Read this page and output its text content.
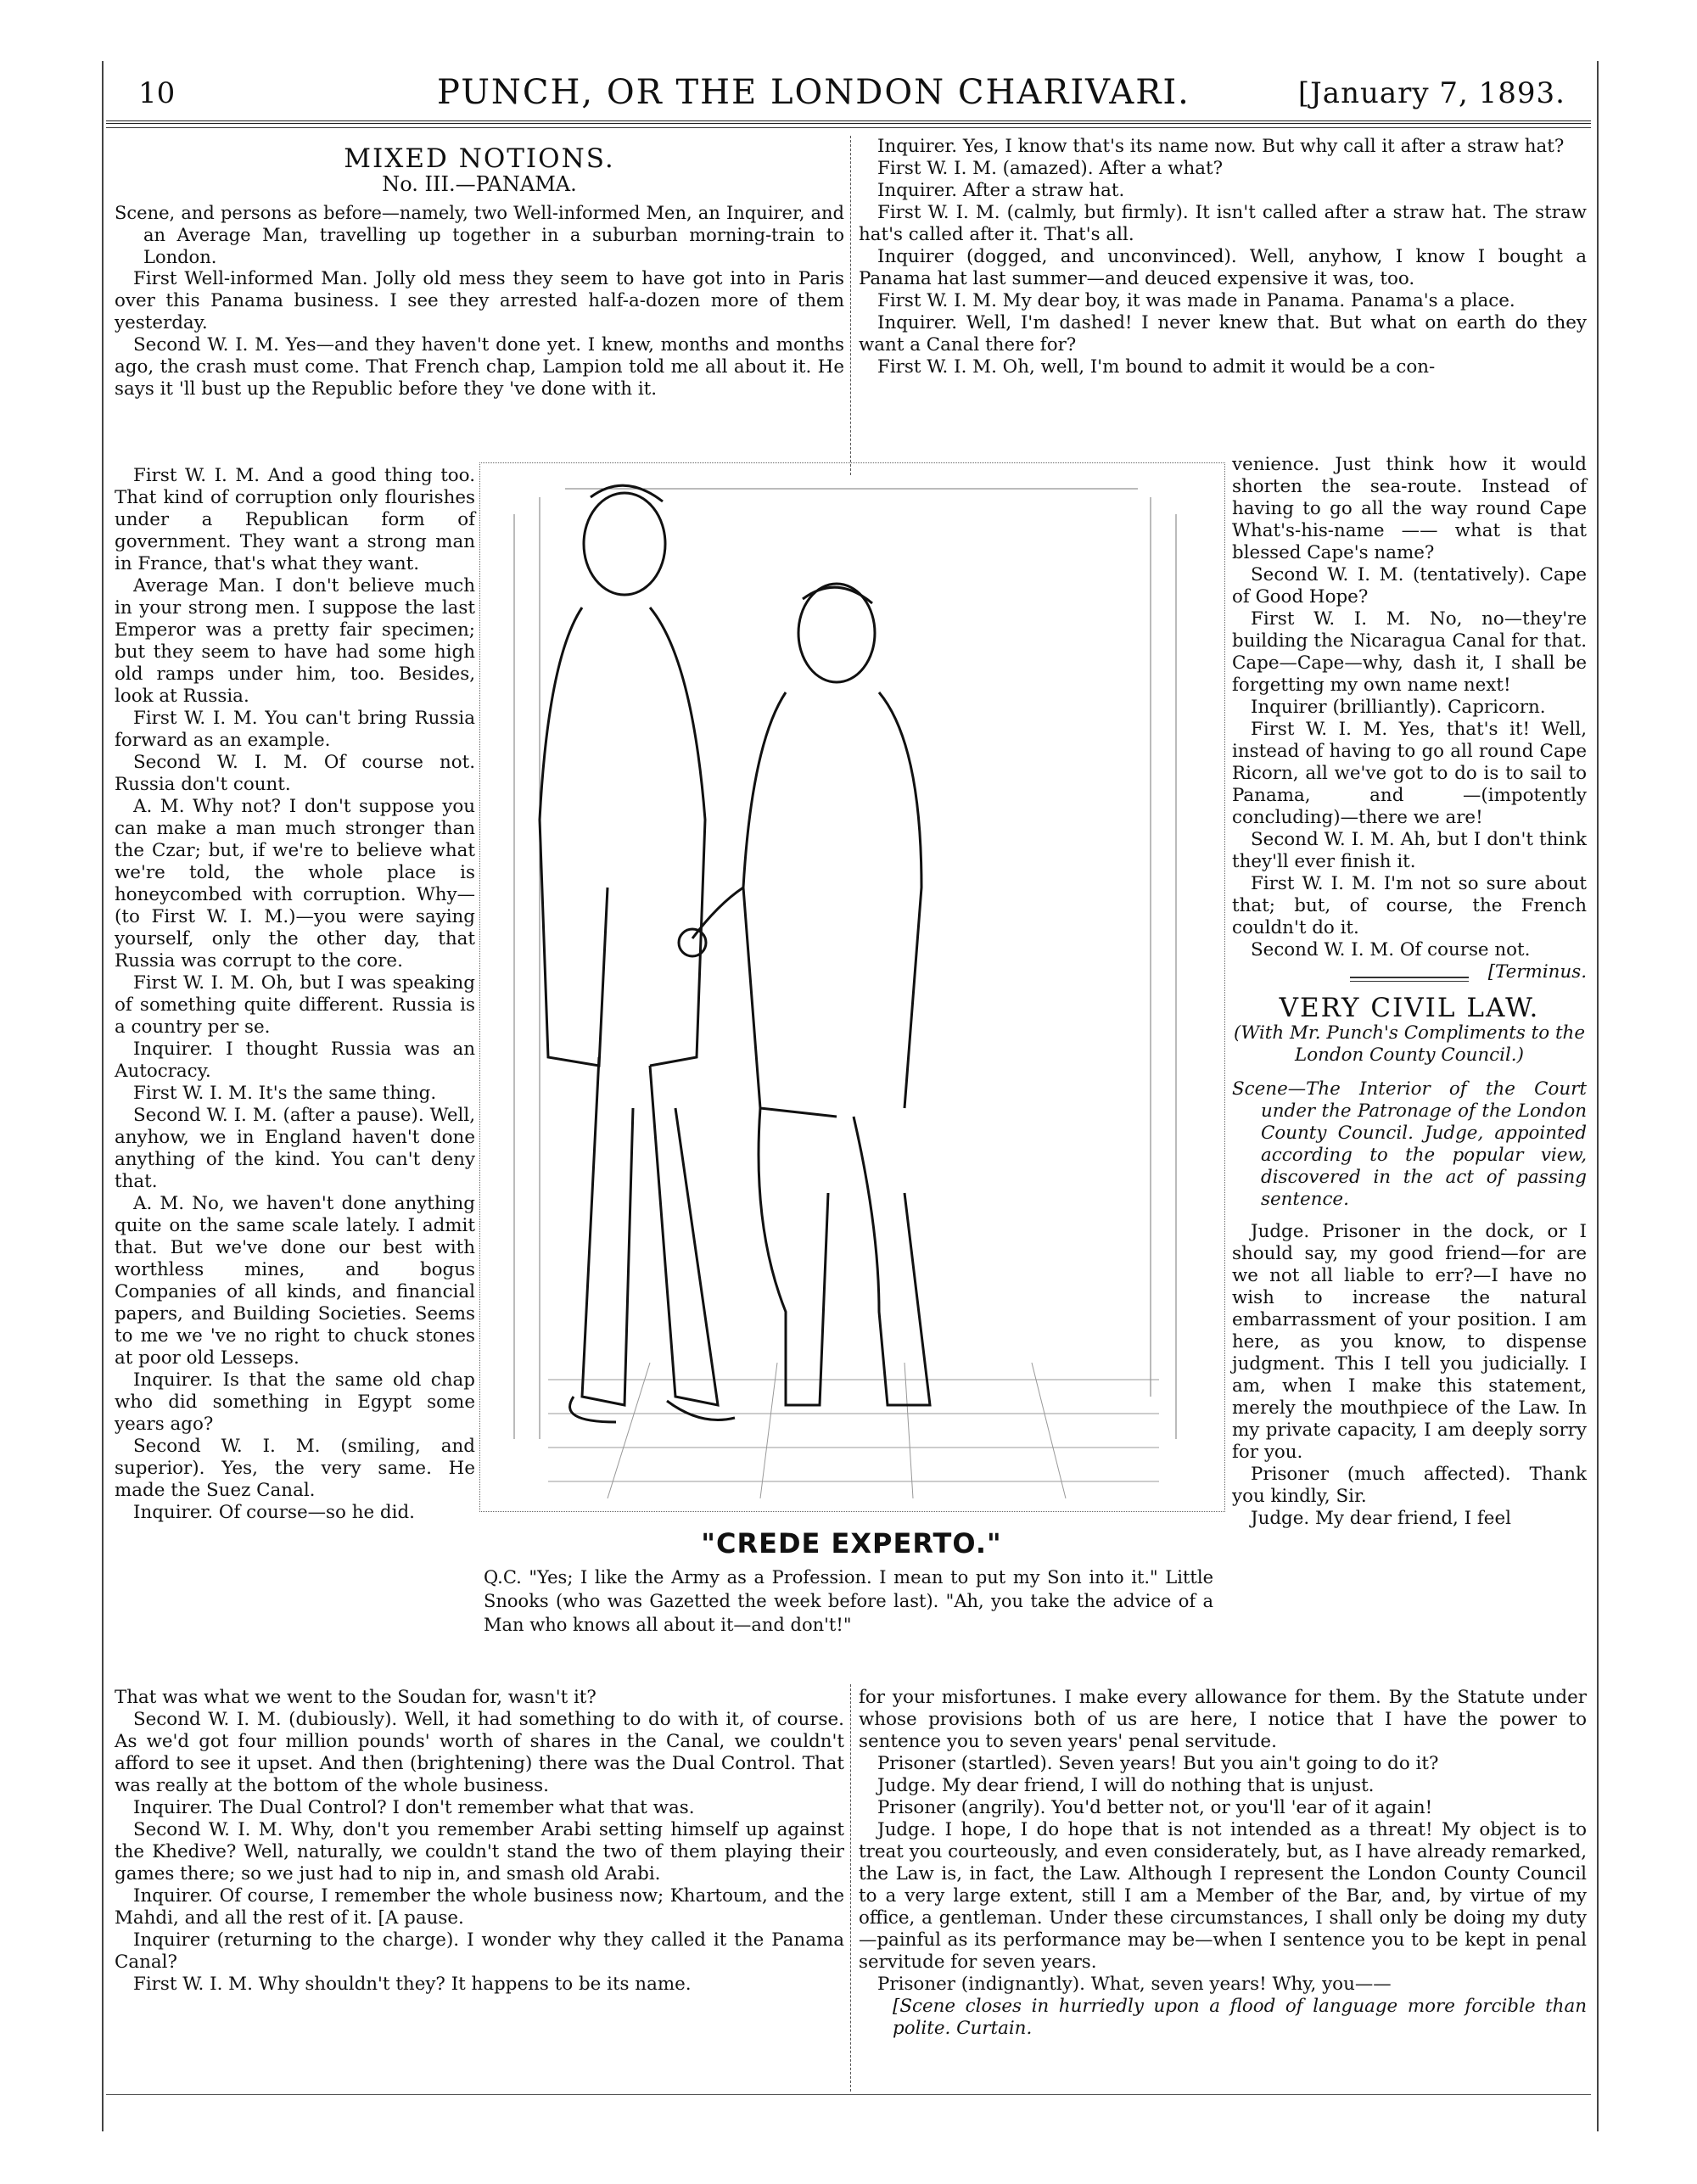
10	PUNCH, OR THE LONDON CHARIVARI.	[January 7, 1893.
MIXED NOTIONS.
No. III.—PANAMA.

Scene, and persons as before—namely, two Well-informed Men, an Inquirer, and an Average Man, travelling up together in a suburban morning-train to London.

First Well-informed Man. Jolly old mess they seem to have got into in Paris over this Panama business. I see they arrested half-a-dozen more of them yesterday.

Second W. I. M. Yes—and they haven't done yet. I knew, months and months ago, the crash must come. That French chap, Lampion told me all about it. He says it 'll bust up the Republic before they 've done with it.

First W. I. M. And a good thing too. That kind of corruption only flourishes under a Republican form of government. They want a strong man in France, that's what they want.

Average Man. I don't believe much in your strong men. I suppose the last Emperor was a pretty fair specimen; but they seem to have had some high old ramps under him, too. Besides, look at Russia.

First W. I. M. You can't bring Russia forward as an example.

Second W. I. M. Of course not. Russia don't count.

A. M. Why not? I don't suppose you can make a man much stronger than the Czar; but, if we're to believe what we're told, the whole place is honeycombed with corruption. Why—(to First W. I. M.)—you were saying yourself, only the other day, that Russia was corrupt to the core.

First W. I. M. Oh, but I was speaking of something quite different. Russia is a country per se.

Inquirer. I thought Russia was an Autocracy.

First W. I. M. It's the same thing.

Second W. I. M. (after a pause). Well, anyhow, we in England haven't done anything of the kind. You can't deny that.

A. M. No, we haven't done anything quite on the same scale lately. I admit that. But we've done our best with worthless mines, and bogus Companies of all kinds, and financial papers, and Building Societies. Seems to me we 've no right to chuck stones at poor old Lesseps.

Inquirer. Is that the same old chap who did something in Egypt some years ago?

Second W. I. M. (smiling, and superior). Yes, the very same. He made the Suez Canal.

Inquirer. Of course—so he did.

That was what we went to the Soudan for, wasn't it?

Second W. I. M. (dubiously). Well, it had something to do with it, of course. As we'd got four million pounds' worth of shares in the Canal, we couldn't afford to see it upset. And then (brightening) there was the Dual Control. That was really at the bottom of the whole business.

Inquirer. The Dual Control? I don't remember what that was.

Second W. I. M. Why, don't you remember Arabi setting himself up against the Khedive? Well, naturally, we couldn't stand the two of them playing their games there; so we just had to nip in, and smash old Arabi.

Inquirer. Of course, I remember the whole business now; Khartoum, and the Mahdi, and all the rest of it. [A pause.

Inquirer (returning to the charge). I wonder why they called it the Panama Canal?

First W. I. M. Why shouldn't they? It happens to be its name.

Inquirer. Yes, I know that's its name now. But why call it after a straw hat?

First W. I. M. (amazed). After a what?

Inquirer. After a straw hat.

First W. I. M. (calmly, but firmly). It isn't called after a straw hat. The straw hat's called after it. That's all.

Inquirer (dogged, and unconvinced). Well, anyhow, I know I bought a Panama hat last summer—and deuced expensive it was, too.

First W. I. M. My dear boy, it was made in Panama. Panama's a place.

Inquirer. Well, I'm dashed! I never knew that. But what on earth do they want a Canal there for?

First W. I. M. Oh, well, I'm bound to admit it would be a con-

venience. Just think how it would shorten the sea-route. Instead of having to go all the way round Cape What's-his-name —— what is that blessed Cape's name?

Second W. I. M. (tentatively). Cape of Good Hope?

First W. I. M. No, no—they're building the Nicaragua Canal for that. Cape—Cape—why, dash it, I shall be forgetting my own name next!

Inquirer (brilliantly). Capricorn.

First W. I. M. Yes, that's it! Well, instead of having to go all round Cape Ricorn, all we've got to do is to sail to Panama, and —(impotently concluding)—there we are!

Second W. I. M. Ah, but I don't think they'll ever finish it.

First W. I. M. I'm not so sure about that; but, of course, the French couldn't do it.

Second W. I. M. Of course not.
[Terminus.

VERY CIVIL LAW.

(With Mr. Punch's Compliments to the London County Council.)

Scene—The Interior of the Court under the Patronage of the London County Council. Judge, appointed according to the popular view, discovered in the act of passing sentence.

Judge. Prisoner in the dock, or I should say, my good friend—for are we not all liable to err?—I have no wish to increase the natural embarrassment of your position. I am here, as you know, to dispense judgment. This I tell you judicially. I am, when I make this statement, merely the mouthpiece of the Law. In my private capacity, I am deeply sorry for you.

Prisoner (much affected). Thank you kindly, Sir.

Judge. My dear friend, I feel

for your misfortunes. I make every allowance for them. By the Statute under whose provisions both of us are here, I notice that I have the power to sentence you to seven years' penal servitude.

Prisoner (startled). Seven years! But you ain't going to do it?

Judge. My dear friend, I will do nothing that is unjust.

Prisoner (angrily). You'd better not, or you'll 'ear of it again!

Judge. I hope, I do hope that is not intended as a threat! My object is to treat you courteously, and even considerately, but, as I have already remarked, the Law is, in fact, the Law. Although I represent the London County Council to a very large extent, still I am a Member of the Bar, and, by virtue of my office, a gentleman. Under these circumstances, I shall only be doing my duty—painful as its performance may be—when I sentence you to be kept in penal servitude for seven years.

Prisoner (indignantly). What, seven years! Why, you——

[Scene closes in hurriedly upon a flood of language more forcible than polite. Curtain.

"CREDE EXPERTO."
Q.C. "Yes; I like the Army as a Profession. I mean to put my Son into it." Little Snooks (who was Gazetted the week before last). "Ah, you take the advice of a Man who knows all about it—and don't!"
